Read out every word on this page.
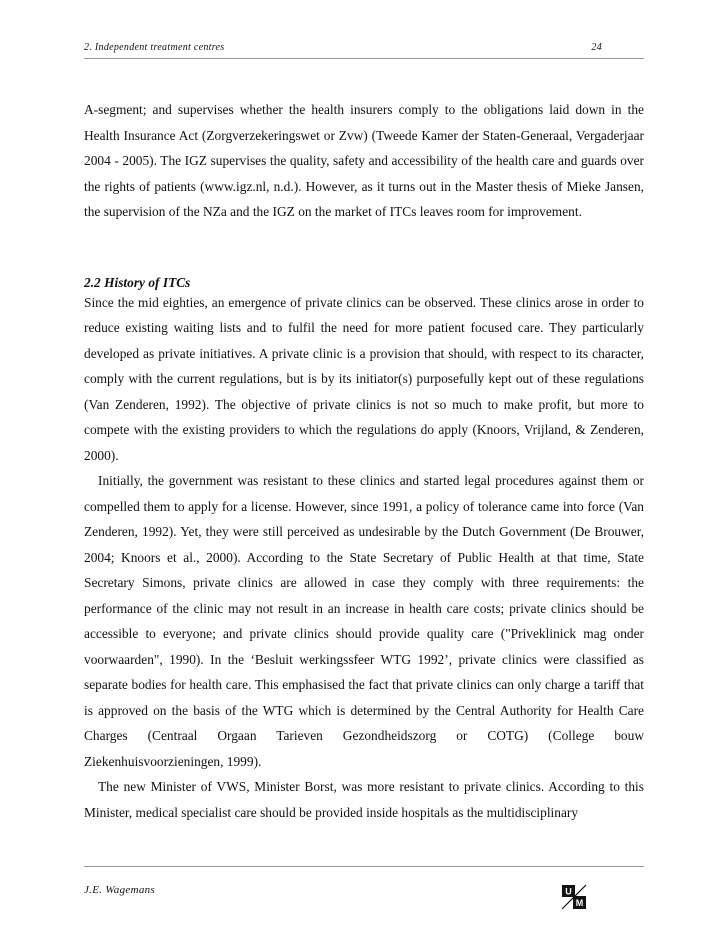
2. Independent treatment centres	24

A-segment; and supervises whether the health insurers comply to the obligations laid down in the Health Insurance Act (Zorgverzekeringswet or Zvw) (Tweede Kamer der Staten-Generaal, Vergaderjaar 2004 - 2005). The IGZ supervises the quality, safety and accessibility of the health care and guards over the rights of patients (www.igz.nl, n.d.). However, as it turns out in the Master thesis of Mieke Jansen, the supervision of the NZa and the IGZ on the market of ITCs leaves room for improvement.

2.2 History of ITCs

Since the mid eighties, an emergence of private clinics can be observed. These clinics arose in order to reduce existing waiting lists and to fulfil the need for more patient focused care. They particularly developed as private initiatives. A private clinic is a provision that should, with respect to its character, comply with the current regulations, but is by its initiator(s) purposefully kept out of these regulations (Van Zenderen, 1992). The objective of private clinics is not so much to make profit, but more to compete with the existing providers to which the regulations do apply (Knoors, Vrijland, & Zenderen, 2000).

Initially, the government was resistant to these clinics and started legal procedures against them or compelled them to apply for a license. However, since 1991, a policy of tolerance came into force (Van Zenderen, 1992). Yet, they were still perceived as undesirable by the Dutch Government (De Brouwer, 2004; Knoors et al., 2000). According to the State Secretary of Public Health at that time, State Secretary Simons, private clinics are allowed in case they comply with three requirements: the performance of the clinic may not result in an increase in health care costs; private clinics should be accessible to everyone; and private clinics should provide quality care ("Priveklinick mag onder voorwaarden", 1990). In the ‘Besluit werkingssfeer WTG 1992’, private clinics were classified as separate bodies for health care. This emphasised the fact that private clinics can only charge a tariff that is approved on the basis of the WTG which is determined by the Central Authority for Health Care Charges (Centraal Orgaan Tarieven Gezondheidszorg or COTG) (College bouw Ziekenhuisvoorzieningen, 1999).

The new Minister of VWS, Minister Borst, was more resistant to private clinics. According to this Minister, medical specialist care should be provided inside hospitals as the multidisciplinary

J.E. Wagemans	U
M
